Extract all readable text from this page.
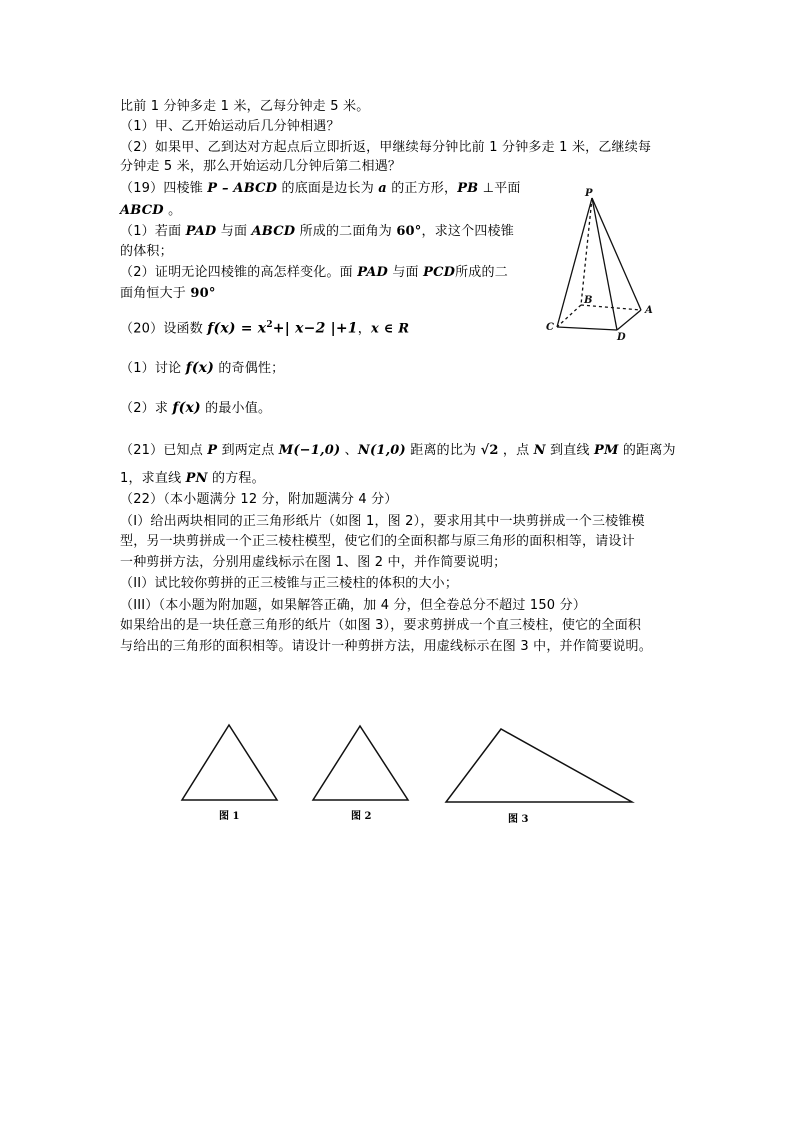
比前 1 分钟多走 1 米，乙每分钟走 5 米。
（1）甲、乙开始运动后几分钟相遇？
（2）如果甲、乙到达对方起点后立即折返，甲继续每分钟比前 1 分钟多走 1 米，乙继续每
分钟走 5 米，那么开始运动几分钟后第二相遇？
（19）四棱锥 P – ABCD 的底面是边长为 a 的正方形，PB ⊥平面
ABCD 。
（1）若面 PAD 与面 ABCD 所成的二面角为 60°，求这个四棱锥
的体积；
（2）证明无论四棱锥的高怎样变化。面 PAD 与面 PCD所成的二
面角恒大于 90°
P
B
A
C
D
（20）设函数 $f(x) = x^2+|$ x−2 |+1，x ∈ R
（1）讨论 f(x) 的奇偶性；
（2）求 f(x) 的最小值。
（21）已知点 P 到两定点 M(−1,0) 、N(1,0) 距离的比为 √2 ，点 N 到直线 PM 的距离为
1，求直线 PN 的方程。
（22）（本小题满分 12 分，附加题满分 4 分）
（I）给出两块相同的正三角形纸片（如图 1，图 2），要求用其中一块剪拼成一个三棱锥模
型，另一块剪拼成一个正三棱柱模型，使它们的全面积都与原三角形的面积相等，请设计
一种剪拼方法，分别用虚线标示在图 1、图 2 中，并作简要说明；
（II）试比较你剪拼的正三棱锥与正三棱柱的体积的大小；
（III）（本小题为附加题，如果解答正确，加 4 分，但全卷总分不超过 150 分）
如果给出的是一块任意三角形的纸片（如图 3），要求剪拼成一个直三棱柱，使它的全面积
与给出的三角形的面积相等。请设计一种剪拼方法，用虚线标示在图 3 中，并作简要说明。
图 1	图 2	图 3
